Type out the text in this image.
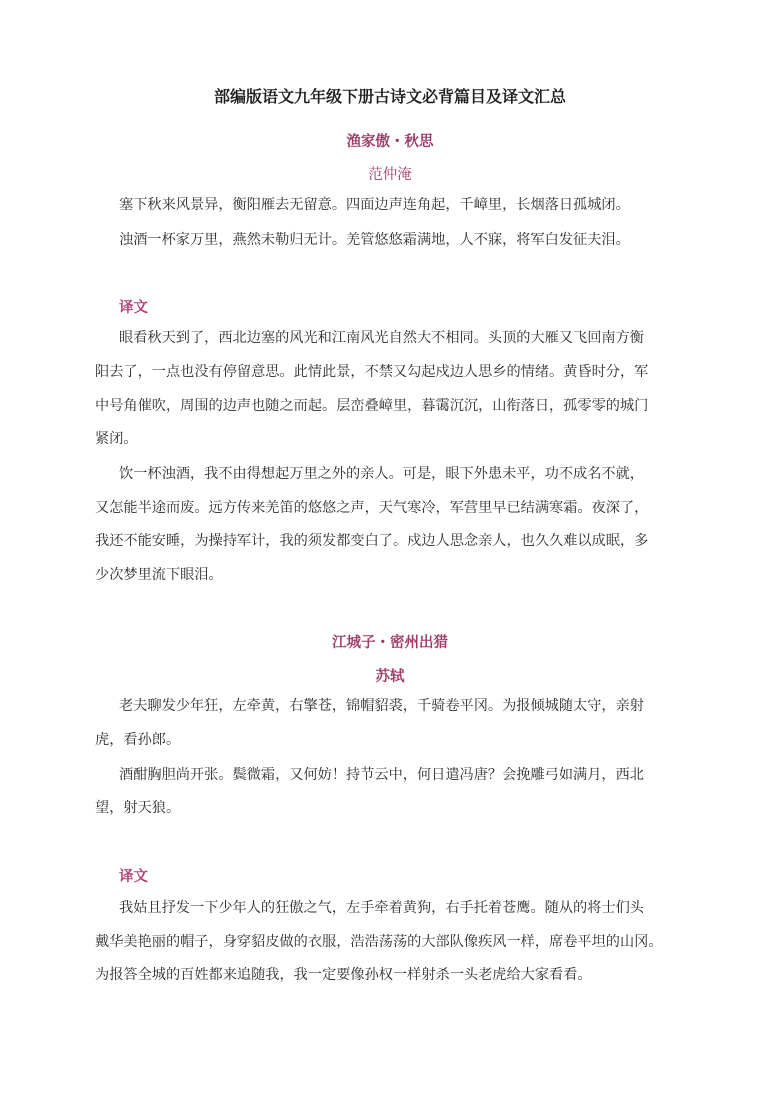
部编版语文九年级下册古诗文必背篇目及译文汇总
渔家傲・秋思
范仲淹
塞下秋来风景异，衡阳雁去无留意。四面边声连角起，千嶂里，长烟落日孤城闭。
浊酒一杯家万里，燕然未勒归无计。羌管悠悠霜满地，人不寐，将军白发征夫泪。
译文
眼看秋天到了，西北边塞的风光和江南风光自然大不相同。头顶的大雁又飞回南方衡
阳去了，一点也没有停留意思。此情此景，不禁又勾起戍边人思乡的情绪。黄昏时分，军
中号角催吹，周围的边声也随之而起。层峦叠嶂里，暮霭沉沉，山衔落日，孤零零的城门
紧闭。
饮一杯浊酒，我不由得想起万里之外的亲人。可是，眼下外患未平，功不成名不就，
又怎能半途而废。远方传来羌笛的悠悠之声，天气寒冷，军营里早已结满寒霜。夜深了，
我还不能安睡，为操持军计，我的须发都变白了。戍边人思念亲人，也久久难以成眠，多
少次梦里流下眼泪。
江城子・密州出猎
苏轼
老夫聊发少年狂，左牵黄，右擎苍，锦帽貂裘，千骑卷平冈。为报倾城随太守，亲射
虎，看孙郎。
酒酣胸胆尚开张。鬓微霜，又何妨！持节云中，何日遣冯唐？会挽雕弓如满月，西北
望，射天狼。
译文
我姑且抒发一下少年人的狂傲之气，左手牵着黄狗，右手托着苍鹰。随从的将士们头
戴华美艳丽的帽子，身穿貂皮做的衣服，浩浩荡荡的大部队像疾风一样，席卷平坦的山冈。
为报答全城的百姓都来追随我，我一定要像孙权一样射杀一头老虎给大家看看。
